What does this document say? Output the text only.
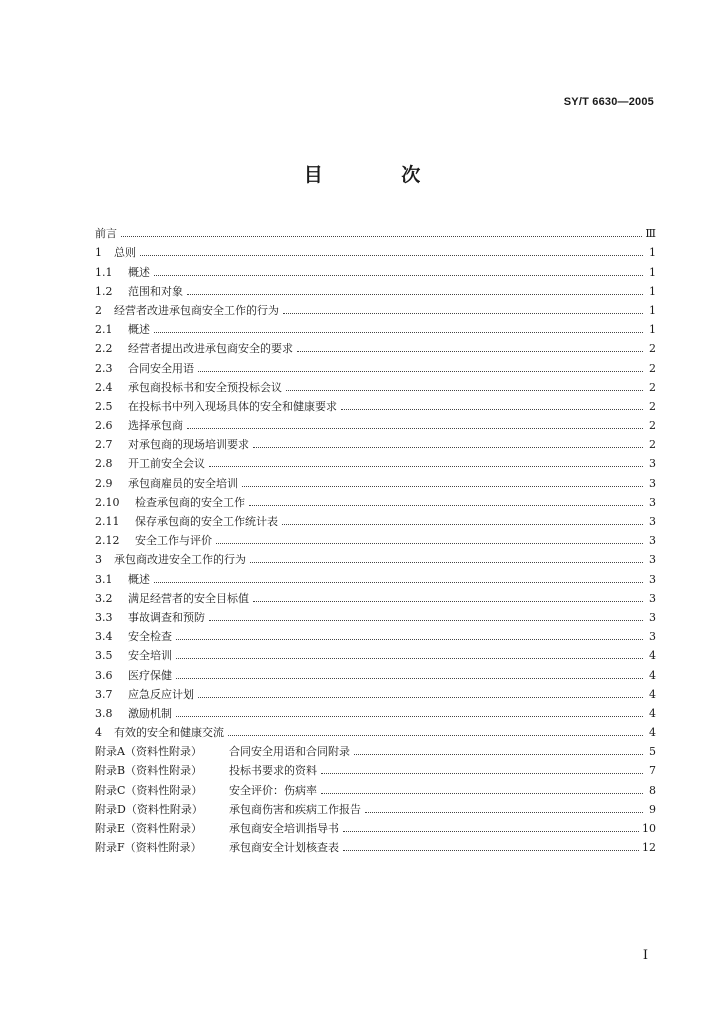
SY/T 6630—2005
目 次
前言	Ⅲ
1	总则	1
1.1	概述	1
1.2	范围和对象	1
2	经营者改进承包商安全工作的行为	1
2.1	概述	1
2.2	经营者提出改进承包商安全的要求	2
2.3	合同安全用语	2
2.4	承包商投标书和安全预投标会议	2
2.5	在投标书中列入现场具体的安全和健康要求	2
2.6	选择承包商	2
2.7	对承包商的现场培训要求	2
2.8	开工前安全会议	3
2.9	承包商雇员的安全培训	3
2.10	检查承包商的安全工作	3
2.11	保存承包商的安全工作统计表	3
2.12	安全工作与评价	3
3	承包商改进安全工作的行为	3
3.1	概述	3
3.2	满足经营者的安全目标值	3
3.3	事故调查和预防	3
3.4	安全检查	3
3.5	安全培训	4
3.6	医疗保健	4
3.7	应急反应计划	4
3.8	激励机制	4
4	有效的安全和健康交流	4
附录A（资料性附录）	合同安全用语和合同附录	5
附录B（资料性附录）	投标书要求的资料	7
附录C（资料性附录）	安全评价：伤病率	8
附录D（资料性附录）	承包商伤害和疾病工作报告	9
附录E（资料性附录）	承包商安全培训指导书	10
附录F（资料性附录）	承包商安全计划核查表	12
I
